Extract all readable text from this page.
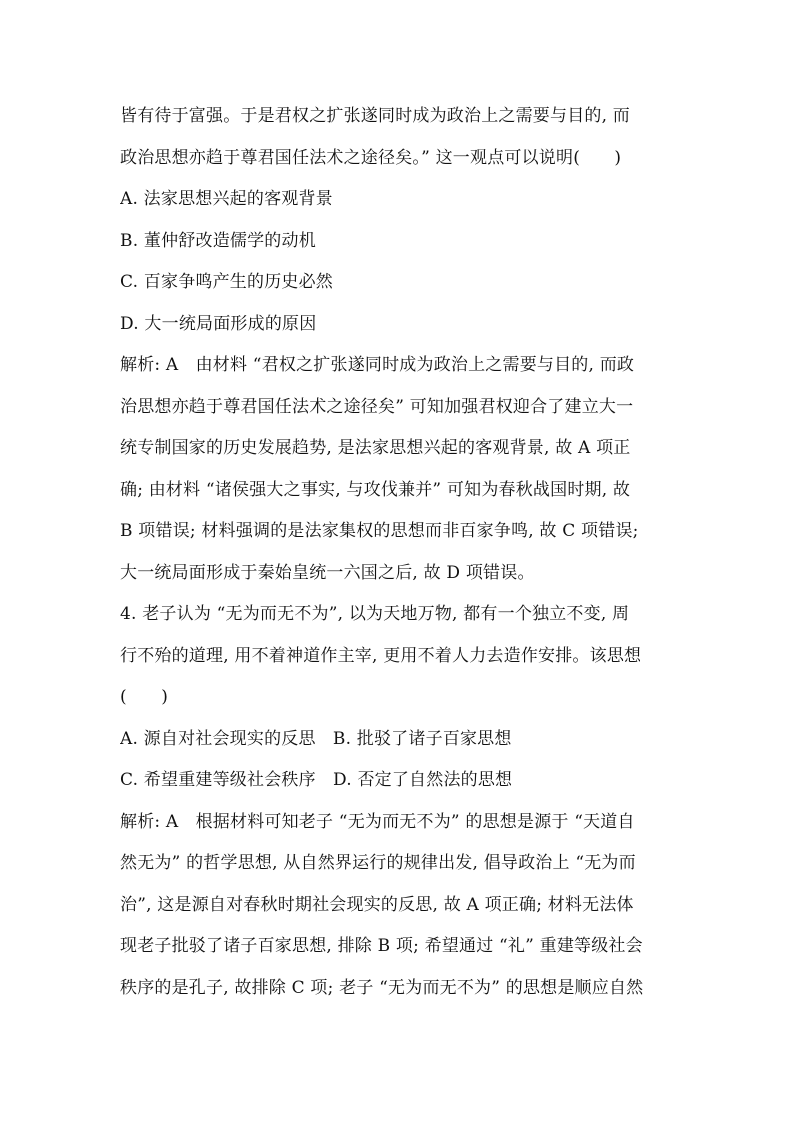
皆有待于富强。于是君权之扩张遂同时成为政治上之需要与目的, 而
政治思想亦趋于尊君国任法术之途径矣。” 这一观点可以说明(　　)
A. 法家思想兴起的客观背景
B. 董仲舒改造儒学的动机
C. 百家争鸣产生的历史必然
D. 大一统局面形成的原因
解析: A　由材料 “君权之扩张遂同时成为政治上之需要与目的, 而政
治思想亦趋于尊君国任法术之途径矣” 可知加强君权迎合了建立大一
统专制国家的历史发展趋势, 是法家思想兴起的客观背景, 故 A 项正
确; 由材料 “诸侯强大之事实, 与攻伐兼并” 可知为春秋战国时期, 故
B 项错误; 材料强调的是法家集权的思想而非百家争鸣, 故 C 项错误;
大一统局面形成于秦始皇统一六国之后, 故 D 项错误。
4. 老子认为 “无为而无不为”, 以为天地万物, 都有一个独立不变, 周
行不殆的道理, 用不着神道作主宰, 更用不着人力去造作安排。该思想
(　　)
A. 源自对社会现实的反思　B. 批驳了诸子百家思想
C. 希望重建等级社会秩序　D. 否定了自然法的思想
解析: A　根据材料可知老子 “无为而无不为” 的思想是源于 “天道自
然无为” 的哲学思想, 从自然界运行的规律出发, 倡导政治上 “无为而
治”, 这是源自对春秋时期社会现实的反思, 故 A 项正确; 材料无法体
现老子批驳了诸子百家思想, 排除 B 项; 希望通过 “礼” 重建等级社会
秩序的是孔子, 故排除 C 项; 老子 “无为而无不为” 的思想是顺应自然
